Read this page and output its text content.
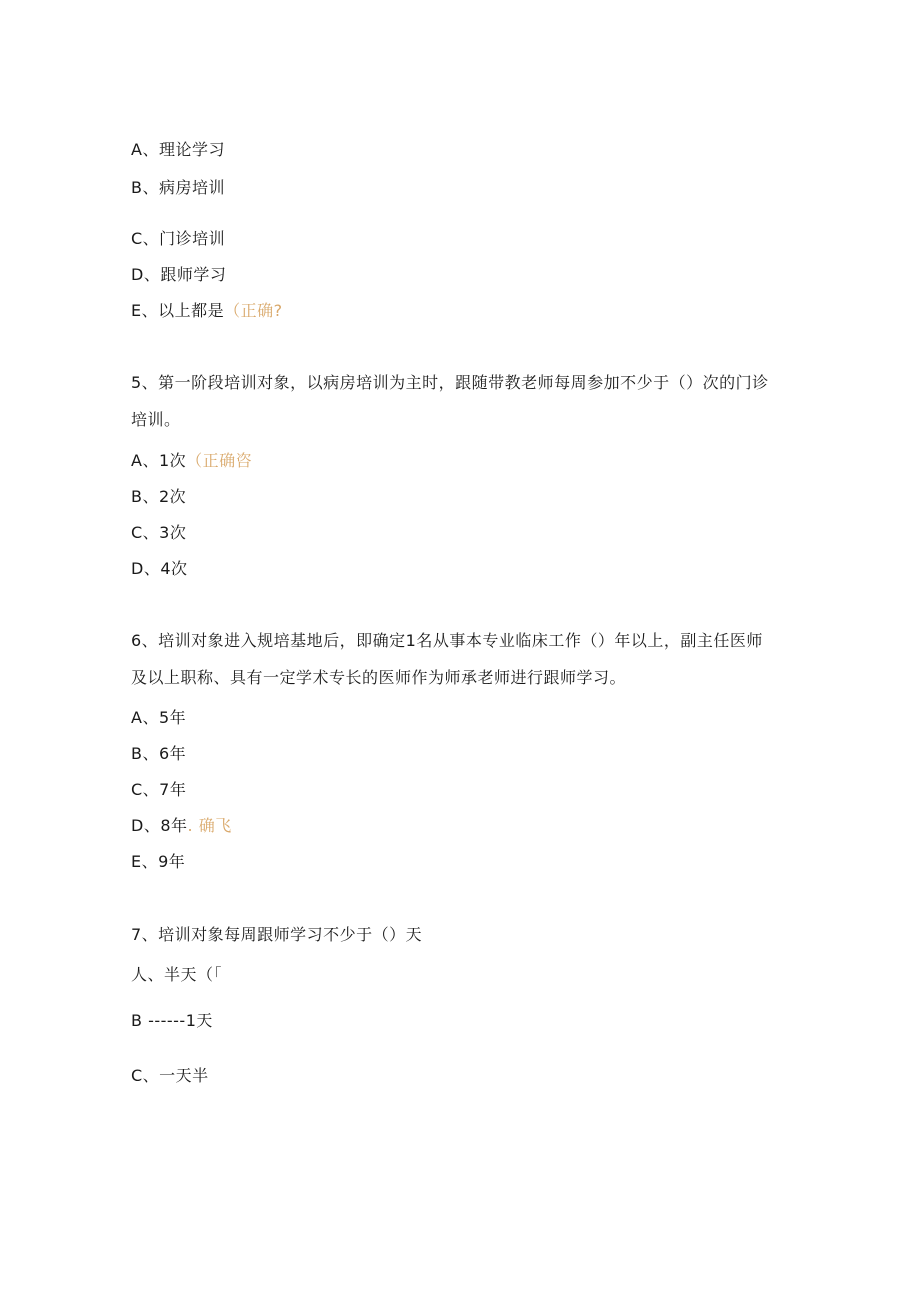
A、理论学习
B、病房培训
C、门诊培训
D、跟师学习
E、以上都是（正确?
5、第一阶段培训对象，以病房培训为主时，跟随带教老师每周参加不少于（）次的门诊
培训。
A、1次（正确咨
B、2次
C、3次
D、4次
6、培训对象进入规培基地后，即确定1名从事本专业临床工作（）年以上，副主任医师
及以上职称、具有一定学术专长的医师作为师承老师进行跟师学习。
A、5年
B、6年
C、7年
D、8年. 确飞
E、9年
7、培训对象每周跟师学习不少于（）天
人、半天（「
B ------1天
C、一天半
